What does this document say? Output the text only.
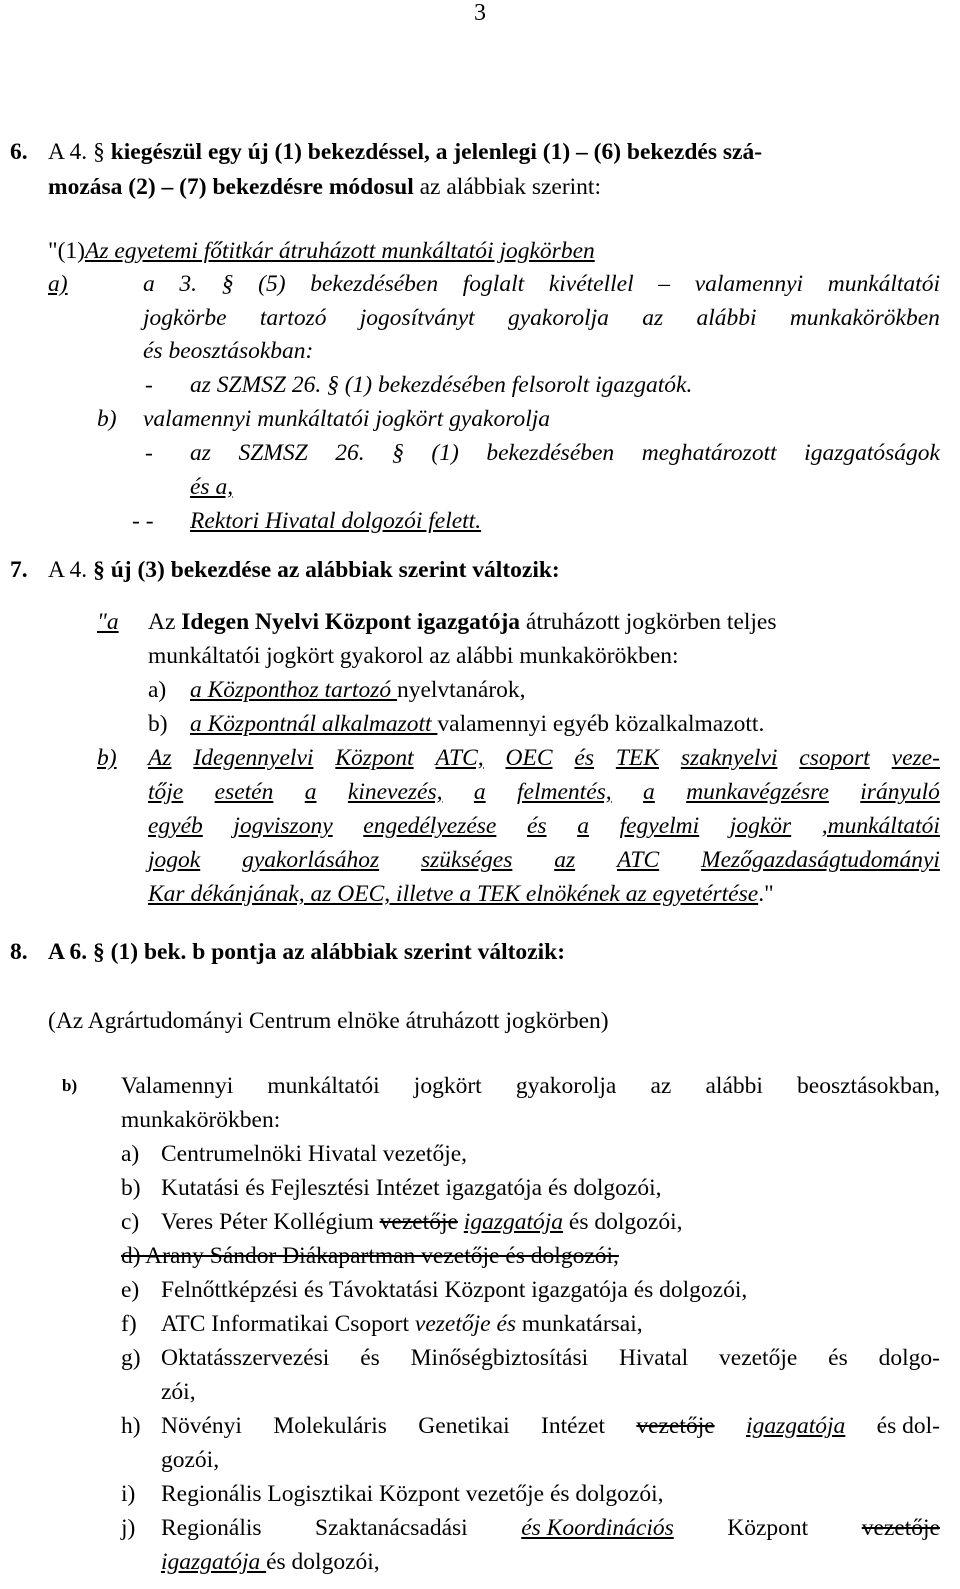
3
6. A 4. § kiegészül egy új (1) bekezdéssel, a jelenlegi (1) – (6) bekezdés szá-
mozása (2) – (7) bekezdésre módosul az alábbiak szerint:
"(1)Az egyetemi főtitkár átruházott munkáltatói jogkörben
a)	a 3. § (5) bekezdésében foglalt kivétellel – valamennyi munkáltatói
jogkörbe tartozó jogosítványt gyakorolja az alábbi munkakörökben
és beosztásokban:
- az SZMSZ 26. § (1) bekezdésében felsorolt igazgatók.
b) valamennyi munkáltatói jogkört gyakorolja
- az SZMSZ 26. § (1) bekezdésében meghatározott igazgatóságok
és a,
- - Rektori Hivatal dolgozói felett.
7. A 4. § új (3) bekezdése az alábbiak szerint változik:
"a Az Idegen Nyelvi Központ igazgatója átruházott jogkörben teljes
munkáltatói jogkört gyakorol az alábbi munkakörökben:
a) a Központhoz tartozó nyelvtanárok,
b) a Központnál alkalmazott valamennyi egyéb közalkalmazott.
b) Az Idegennyelvi Központ ATC, OEC és TEK szaknyelvi csoport veze-
tője esetén a kinevezés, a felmentés, a munkavégzésre irányuló
egyéb jogviszony engedélyezése és a fegyelmi jogkör ,munkáltatói
jogok gyakorlásához szükséges az ATC Mezőgazdaságtudományi
Kar dékánjának, az OEC, illetve a TEK elnökének az egyetértése."
8. A 6. § (1) bek. b pontja az alábbiak szerint változik:
(Az Agrártudományi Centrum elnöke átruházott jogkörben)
b) Valamennyi munkáltatói jogkört gyakorolja az alábbi beosztásokban,
munkakörökben:
a) Centrumelnöki Hivatal vezetője,
b) Kutatási és Fejlesztési Intézet igazgatója és dolgozói,
c) Veres Péter Kollégium vezetője igazgatója és dolgozói,
d) Arany Sándor Diákapartman vezetője és dolgozói,
e) Felnőttképzési és Távoktatási Központ igazgatója és dolgozói,
f) ATC Informatikai Csoport vezetője és munkatársai,
g) Oktatásszervezési és Minőségbiztosítási Hivatal vezetője és dolgo-
zói,
h) Növényi Molekuláris Genetikai Intézet vezetője igazgatója és dol-
gozói,
i) Regionális Logisztikai Központ vezetője és dolgozói,
j) Regionális Szaktanácsadási és Koordinációs Központ vezetője
igazgatója és dolgozói,
